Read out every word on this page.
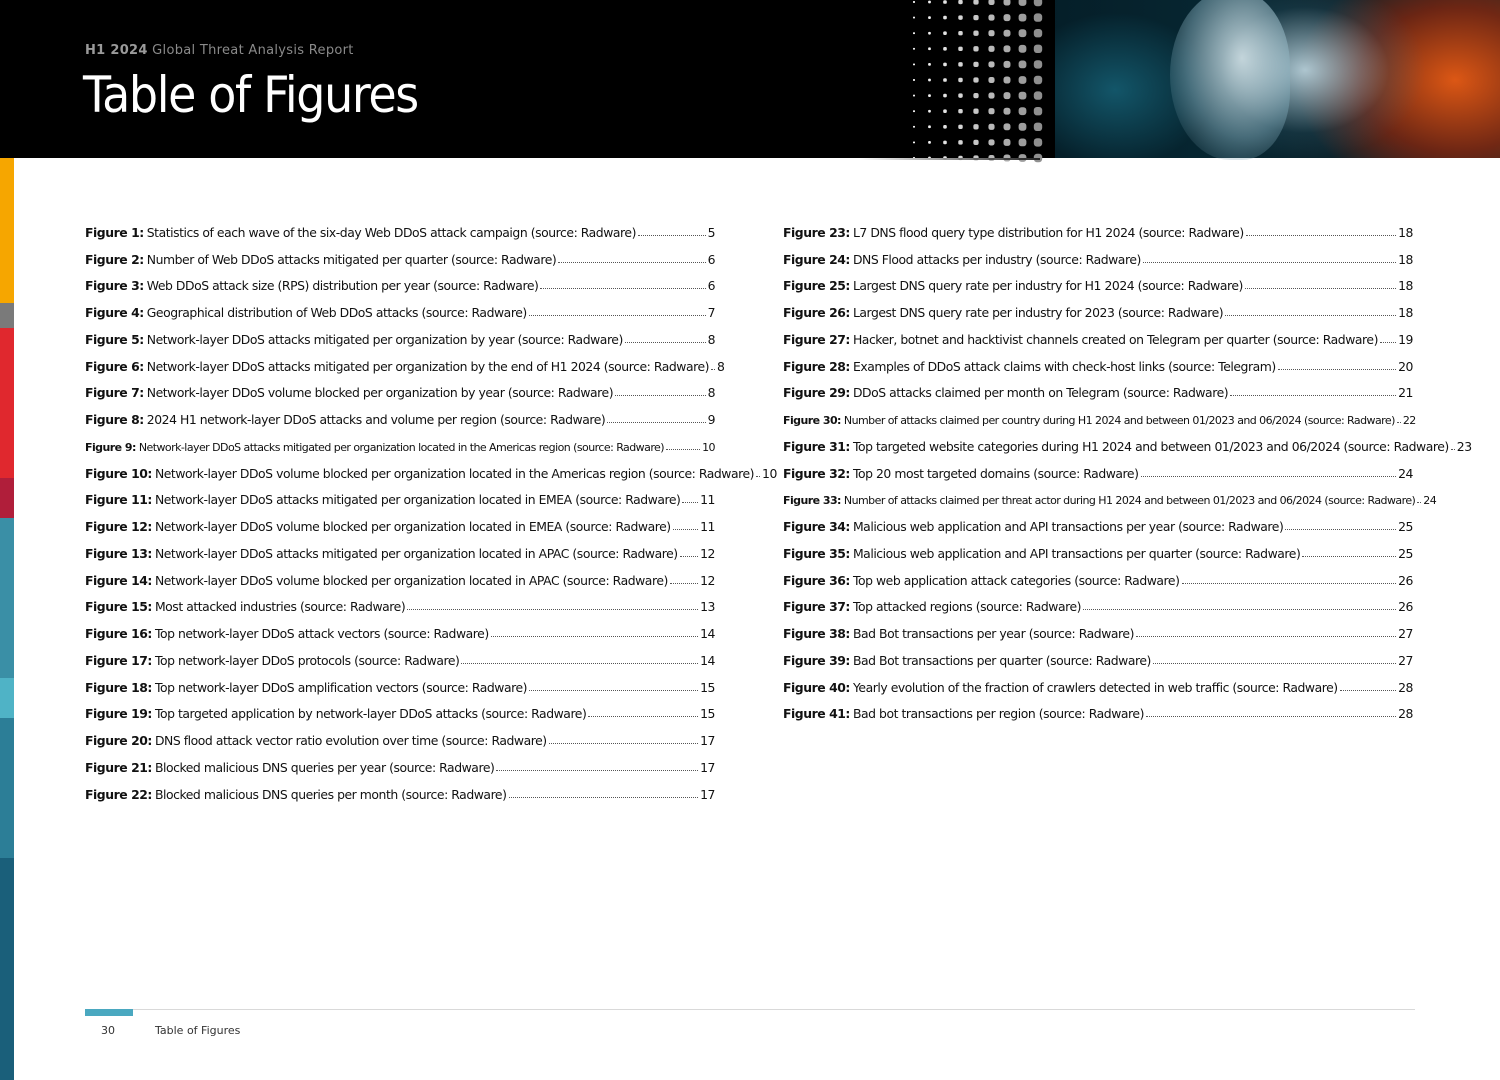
H1 2024 Global Threat Analysis Report
Table of Figures
Figure 1: Statistics of each wave of the six-day Web DDoS attack campaign (source: Radware)	5
Figure 2: Number of Web DDoS attacks mitigated per quarter (source: Radware)	6
Figure 3: Web DDoS attack size (RPS) distribution per year (source: Radware)	6
Figure 4: Geographical distribution of Web DDoS attacks (source: Radware)	7
Figure 5: Network-layer DDoS attacks mitigated per organization by year (source: Radware)	8
Figure 6: Network-layer DDoS attacks mitigated per organization by the end of H1 2024 (source: Radware) 8
Figure 7: Network-layer DDoS volume blocked per organization by year (source: Radware)	8
Figure 8: 2024 H1 network-layer DDoS attacks and volume per region (source: Radware)	9
Figure 9: Network-layer DDoS attacks mitigated per organization located in the Americas region (source: Radware)	10
Figure 10: Network-layer DDoS volume blocked per organization located in the Americas region (source: Radware) 10
Figure 11: Network-layer DDoS attacks mitigated per organization located in EMEA (source: Radware) 11
Figure 12: Network-layer DDoS volume blocked per organization located in EMEA (source: Radware) 11
Figure 13: Network-layer DDoS attacks mitigated per organization located in APAC (source: Radware) 12
Figure 14: Network-layer DDoS volume blocked per organization located in APAC (source: Radware)	12
Figure 15: Most attacked industries (source: Radware)	13
Figure 16: Top network-layer DDoS attack vectors (source: Radware)	14
Figure 17: Top network-layer DDoS protocols (source: Radware)	14
Figure 18: Top network-layer DDoS amplification vectors (source: Radware)	15
Figure 19: Top targeted application by network-layer DDoS attacks (source: Radware)	15
Figure 20: DNS flood attack vector ratio evolution over time (source: Radware)	17
Figure 21: Blocked malicious DNS queries per year (source: Radware)	17
Figure 22: Blocked malicious DNS queries per month (source: Radware)	17
Figure 23: L7 DNS flood query type distribution for H1 2024 (source: Radware)	18
Figure 24: DNS Flood attacks per industry (source: Radware)	18
Figure 25: Largest DNS query rate per industry for H1 2024 (source: Radware)	18
Figure 26: Largest DNS query rate per industry for 2023 (source: Radware)	18
Figure 27: Hacker, botnet and hacktivist channels created on Telegram per quarter (source: Radware) 19
Figure 28: Examples of DDoS attack claims with check-host links (source: Telegram)	20
Figure 29: DDoS attacks claimed per month on Telegram (source: Radware)	21
Figure 30: Number of attacks claimed per country during H1 2024 and between 01/2023 and 06/2024 (source: Radware) 22
Figure 31: Top targeted website categories during H1 2024 and between 01/2023 and 06/2024 (source: Radware) 23
Figure 32: Top 20 most targeted domains (source: Radware)	24
Figure 33: Number of attacks claimed per threat actor during H1 2024 and between 01/2023 and 06/2024 (source: Radware) 24
Figure 34: Malicious web application and API transactions per year (source: Radware)	25
Figure 35: Malicious web application and API transactions per quarter (source: Radware)	25
Figure 36: Top web application attack categories (source: Radware)	26
Figure 37: Top attacked regions (source: Radware)	26
Figure 38: Bad Bot transactions per year (source: Radware)	27
Figure 39: Bad Bot transactions per quarter (source: Radware)	27
Figure 40: Yearly evolution of the fraction of crawlers detected in web traffic (source: Radware)	28
Figure 41: Bad bot transactions per region (source: Radware)	28
30	Table of Figures
